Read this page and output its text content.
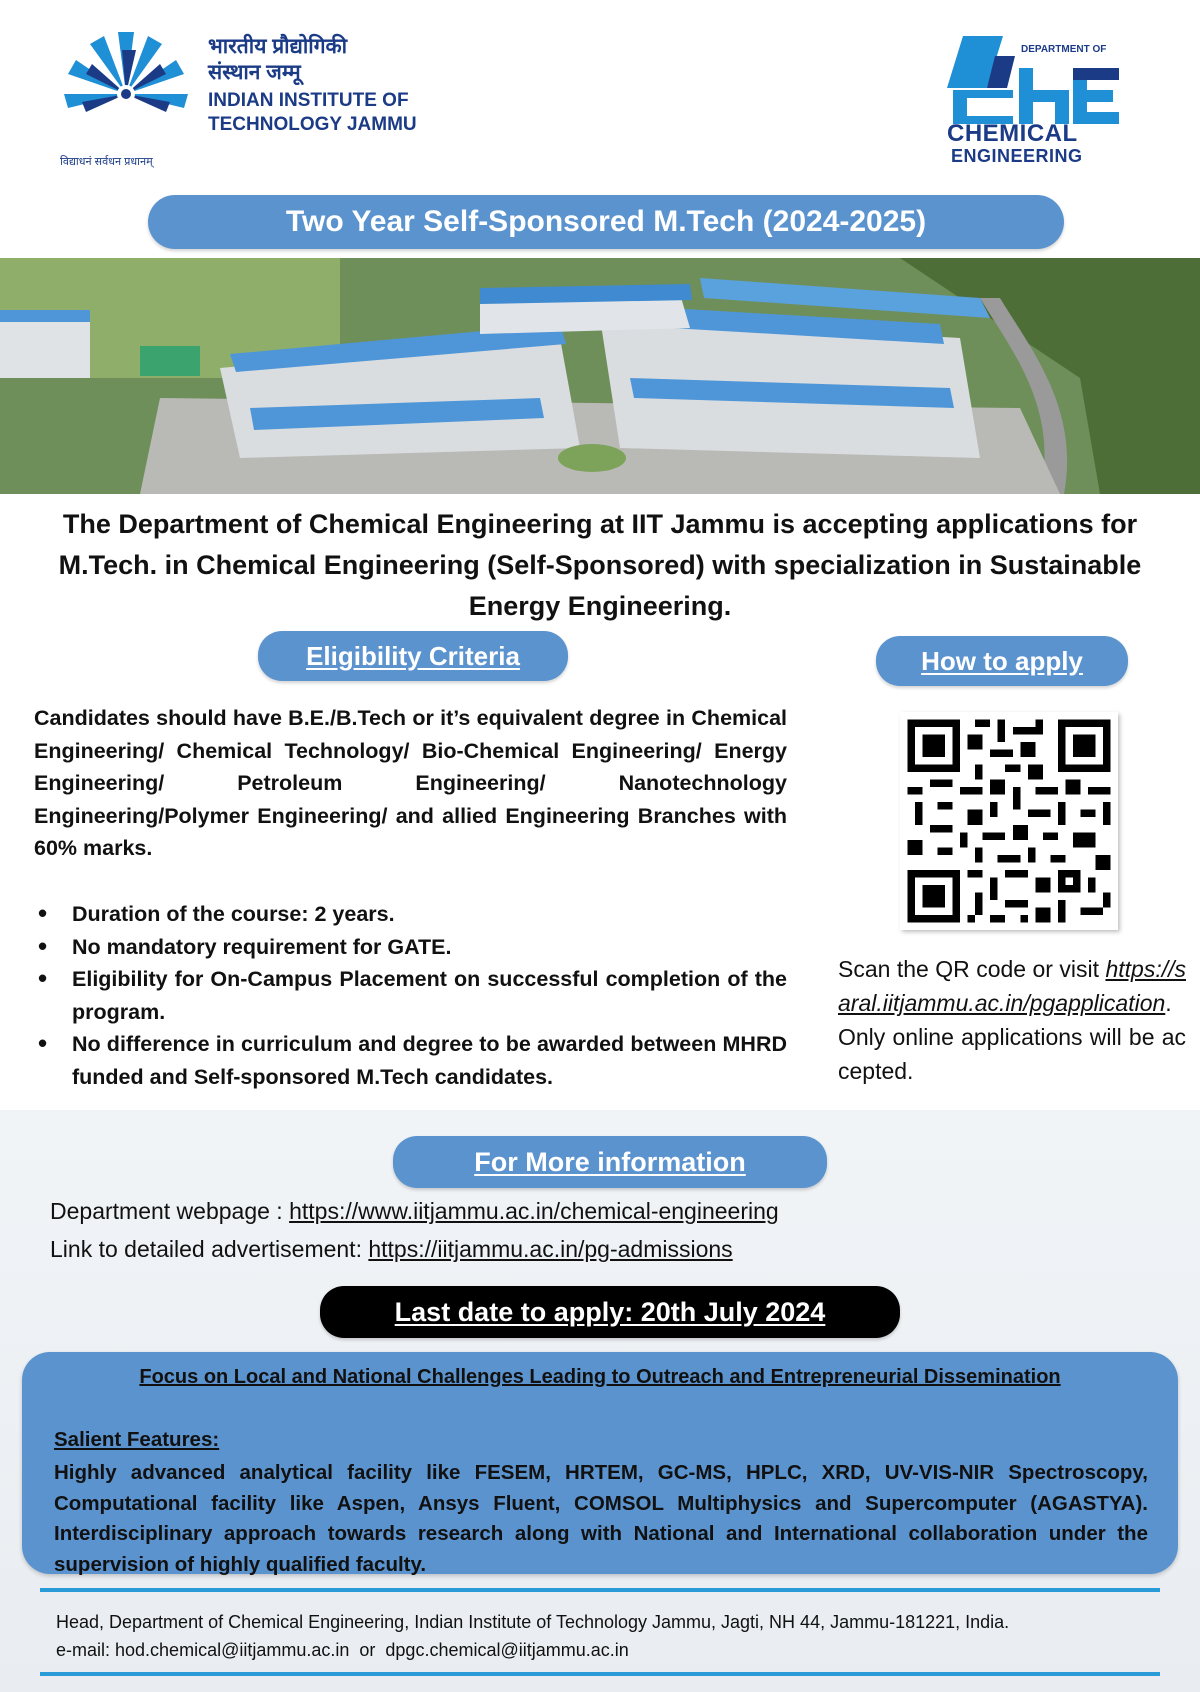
भारतीय प्रौद्योगिकी
संस्थान जम्मू
INDIAN INSTITUTE OF
TECHNOLOGY JAMMU
विद्याधनं सर्वधन प्रधानम्
DEPARTMENT OF
CHEMICAL
ENGINEERING
Two Year Self-Sponsored M.Tech (2024-2025)
The Department of Chemical Engineering at IIT Jammu is accepting applications for M.Tech. in Chemical Engineering (Self-Sponsored) with specialization in Sustainable Energy Engineering.
Eligibility Criteria
Candidates should have B.E./B.Tech or it’s equivalent degree in Chemical Engineering/ Chemical Technology/ Bio-Chemical Engineering/ Energy Engineering/ Petroleum Engineering/ Nanotechnology Engineering/Polymer Engineering/ and allied Engineering Branches with 60% marks.
• Duration of the course: 2 years.
• No mandatory requirement for GATE.
• Eligibility for On-Campus Placement on successful completion of the program.
• No difference in curriculum and degree to be awarded between MHRD funded and Self-sponsored M.Tech candidates.
How to apply
Scan the QR code or visit https://saral.iitjammu.ac.in/pgapplication. Only online applications will be accepted.
For More information
Department webpage : https://www.iitjammu.ac.in/chemical-engineering
Link to detailed advertisement: https://iitjammu.ac.in/pg-admissions
Last date to apply: 20th July 2024
Focus on Local and National Challenges Leading to Outreach and Entrepreneurial Dissemination
Salient Features:
Highly advanced analytical facility like FESEM, HRTEM, GC-MS, HPLC, XRD, UV-VIS-NIR Spectroscopy, Computational facility like Aspen, Ansys Fluent, COMSOL Multiphysics and Supercomputer (AGASTYA). Interdisciplinary approach towards research along with National and International collaboration under the supervision of highly qualified faculty.
Head, Department of Chemical Engineering, Indian Institute of Technology Jammu, Jagti, NH 44, Jammu-181221, India.
e-mail: hod.chemical@iitjammu.ac.in  or  dpgc.chemical@iitjammu.ac.in
